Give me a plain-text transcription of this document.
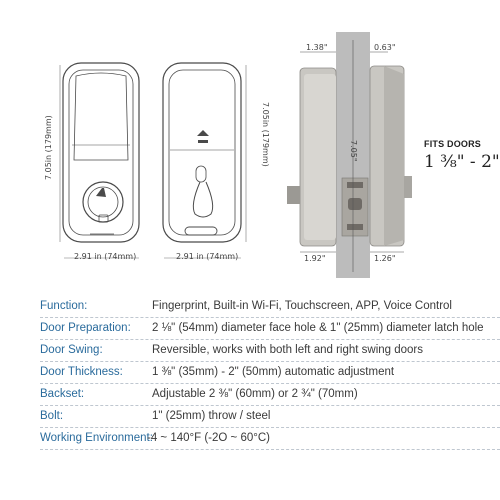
7.05in (179mm)
2.91 in (74mm)
7.05in (179mm)
2.91 in (74mm)
1.38"	0.63"
7.05"
1.92"	1.26"
FITS DOORS
1 ⅜" - 2"
Function:	Fingerprint, Built-in Wi-Fi, Touchscreen, APP, Voice Control
Door Preparation: 2 ⅛" (54mm) diameter face hole & 1" (25mm) diameter latch hole
Door Swing:	Reversible, works with both left and right swing doors
Door Thickness:	1 ⅜" (35mm) - 2" (50mm) automatic adjustment
Backset:	Adjustable 2 ⅜" (60mm) or 2 ¾" (70mm)
Bolt:	1" (25mm) throw / steel
Working Environment:
-4 ~ 140°F (-2O ~ 60°C)
